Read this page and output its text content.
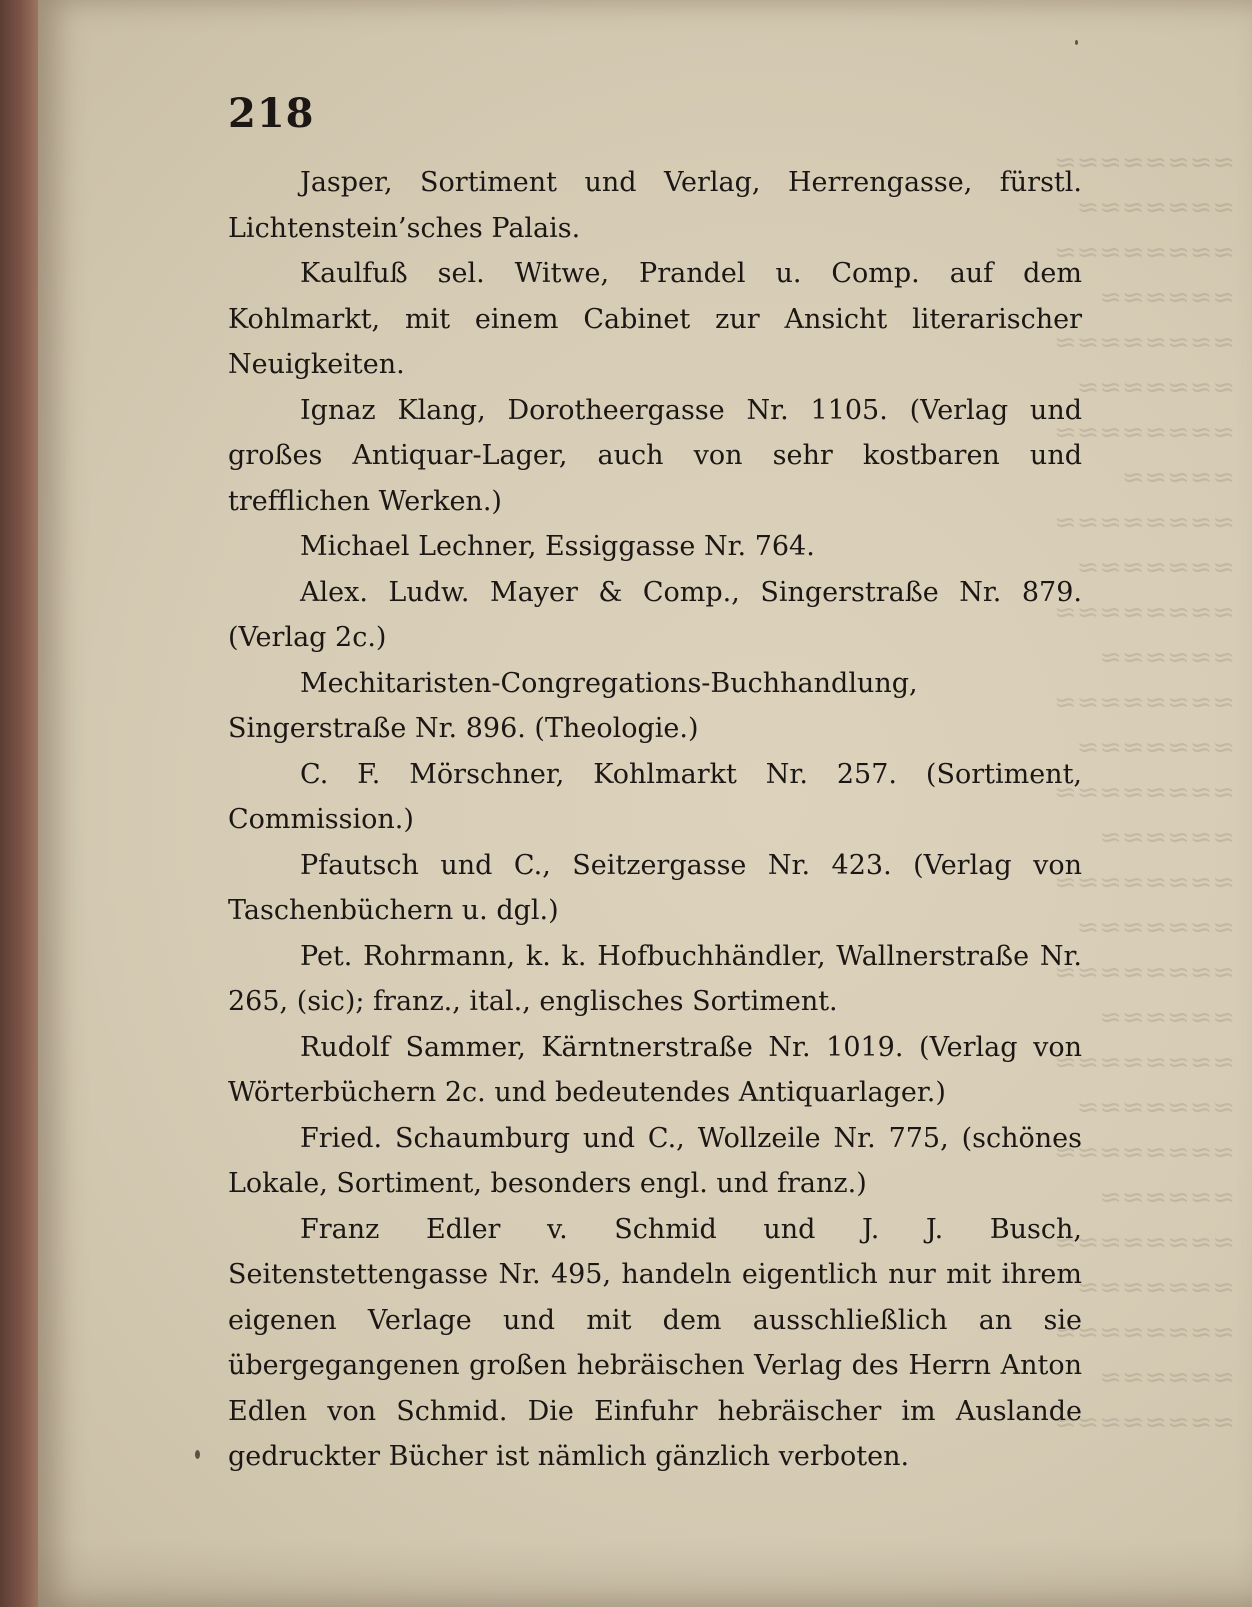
≈≈≈≈≈≈≈≈
≈≈≈≈≈≈≈
≈≈≈≈≈≈≈≈
≈≈≈≈≈≈
≈≈≈≈≈≈≈≈
≈≈≈≈≈≈≈
≈≈≈≈≈≈≈≈
≈≈≈≈≈
≈≈≈≈≈≈≈≈
≈≈≈≈≈≈≈
≈≈≈≈≈≈≈≈
≈≈≈≈≈≈
≈≈≈≈≈≈≈≈
≈≈≈≈≈≈≈
≈≈≈≈≈≈≈≈
≈≈≈≈≈≈
≈≈≈≈≈≈≈≈
≈≈≈≈≈≈≈
≈≈≈≈≈≈≈≈
≈≈≈≈≈≈
≈≈≈≈≈≈≈≈
≈≈≈≈≈≈≈
≈≈≈≈≈≈≈≈
≈≈≈≈≈≈
≈≈≈≈≈≈≈≈
≈≈≈≈≈≈≈
≈≈≈≈≈≈≈≈
≈≈≈≈≈≈
≈≈≈≈≈≈≈≈
218

Jasper, Sortiment und Verlag, Herrengasse, fürstl. Lichtenstein’sches Palais.

Kaulfuß sel. Witwe, Prandel u. Comp. auf dem Kohlmarkt, mit einem Cabinet zur Ansicht literarischer Neuigkeiten.

Ignaz Klang, Dorotheergasse Nr. 1105. (Verlag und großes Antiquar-Lager, auch von sehr kostbaren und trefflichen Werken.)

Michael Lechner, Essiggasse Nr. 764.

Alex. Ludw. Mayer & Comp., Singerstraße Nr. 879. (Verlag 2c.)

Mechitaristen-Congregations-Buchhandlung, Singerstraße Nr. 896. (Theologie.)

C. F. Mörschner, Kohlmarkt Nr. 257. (Sortiment, Commission.)

Pfautsch und C., Seitzergasse Nr. 423. (Verlag von Taschenbüchern u. dgl.)

Pet. Rohrmann, k. k. Hofbuchhändler, Wallnerstraße Nr. 265, (sic); franz., ital., englisches Sortiment.

Rudolf Sammer, Kärntnerstraße Nr. 1019. (Verlag von Wörterbüchern 2c. und bedeutendes Antiquarlager.)

Fried. Schaumburg und C., Wollzeile Nr. 775, (schönes Lokale, Sortiment, besonders engl. und franz.)

Franz Edler v. Schmid und J. J. Busch, Seitenstettengasse Nr. 495, handeln eigentlich nur mit ihrem eigenen Verlage und mit dem ausschließlich an sie übergegangenen großen hebräischen Verlag des Herrn Anton Edlen von Schmid. Die Einfuhr hebräischer im Auslande gedruckter Bücher ist nämlich gänzlich verboten.
